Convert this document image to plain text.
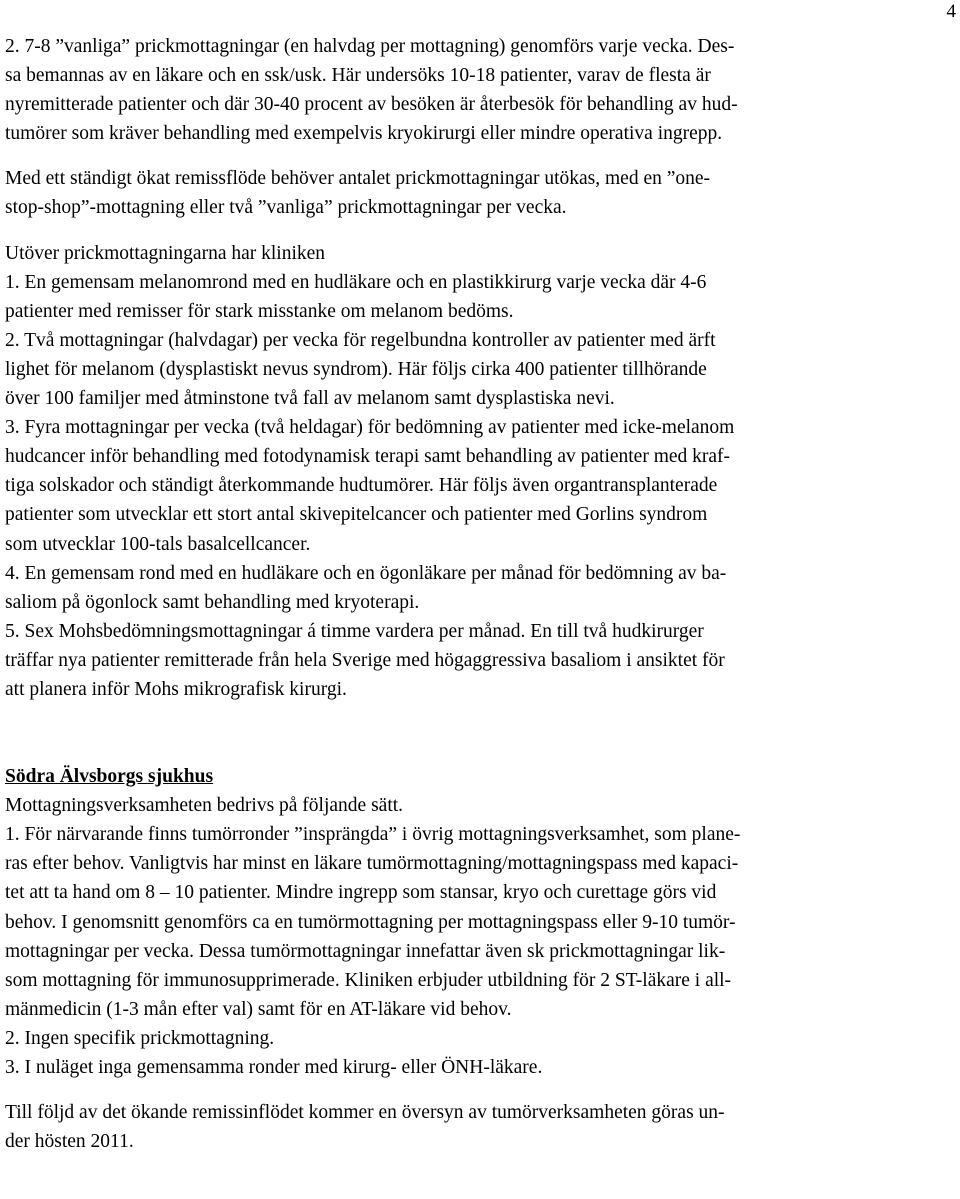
4
2. 7-8 ”vanliga” prickmottagningar (en halvdag per mottagning) genomförs varje vecka. Des-
sa bemannas av en läkare och en ssk/usk. Här undersöks 10-18 patienter, varav de flesta är
nyremitterade patienter och där 30-40 procent av besöken är återbesök för behandling av hud-
tumörer som kräver behandling med exempelvis kryokirurgi eller mindre operativa ingrepp.
Med ett ständigt ökat remissflöde behöver antalet prickmottagningar utökas, med en ”one-
stop-shop”-mottagning eller två ”vanliga” prickmottagningar per vecka.
Utöver prickmottagningarna har kliniken
1. En gemensam melanomrond med en hudläkare och en plastikkirurg varje vecka där 4-6
patienter med remisser för stark misstanke om melanom bedöms.
2. Två mottagningar (halvdagar) per vecka för regelbundna kontroller av patienter med ärft
lighet för melanom (dysplastiskt nevus syndrom). Här följs cirka 400 patienter tillhörande
över 100 familjer med åtminstone två fall av melanom samt dysplastiska nevi.
3. Fyra mottagningar per vecka (två heldagar) för bedömning av patienter med icke-melanom
hudcancer inför behandling med fotodynamisk terapi samt behandling av patienter med kraf-
tiga solskador och ständigt återkommande hudtumörer. Här följs även organtransplanterade
patienter som utvecklar ett stort antal skivepitelcancer och patienter med Gorlins syndrom
som utvecklar 100-tals basalcellcancer.
4. En gemensam rond med en hudläkare och en ögonläkare per månad för bedömning av ba-
saliom på ögonlock samt behandling med kryoterapi.
5. Sex Mohsbedömningsmottagningar á timme vardera per månad. En till två hudkirurger
träffar nya patienter remitterade från hela Sverige med högaggressiva basaliom i ansiktet för
att planera inför Mohs mikrografisk kirurgi.
Södra Älvsborgs sjukhus
Mottagningsverksamheten bedrivs på följande sätt.
1. För närvarande finns tumörronder ”insprängda” i övrig mottagningsverksamhet, som plane-
ras efter behov. Vanligtvis har minst en läkare tumörmottagning/mottagningspass med kapaci-
tet att ta hand om 8 – 10 patienter. Mindre ingrepp som stansar, kryo och curettage görs vid
behov. I genomsnitt genomförs ca en tumörmottagning per mottagningspass eller 9-10 tumör-
mottagningar per vecka. Dessa tumörmottagningar innefattar även sk prickmottagningar lik-
som mottagning för immunosupprimerade. Kliniken erbjuder utbildning för 2 ST-läkare i all-
mänmedicin (1-3 mån efter val) samt för en AT-läkare vid behov.
2. Ingen specifik prickmottagning.
3. I nuläget inga gemensamma ronder med kirurg- eller ÖNH-läkare.
Till följd av det ökande remissinflödet kommer en översyn av tumörverksamheten göras un-
der hösten 2011.
